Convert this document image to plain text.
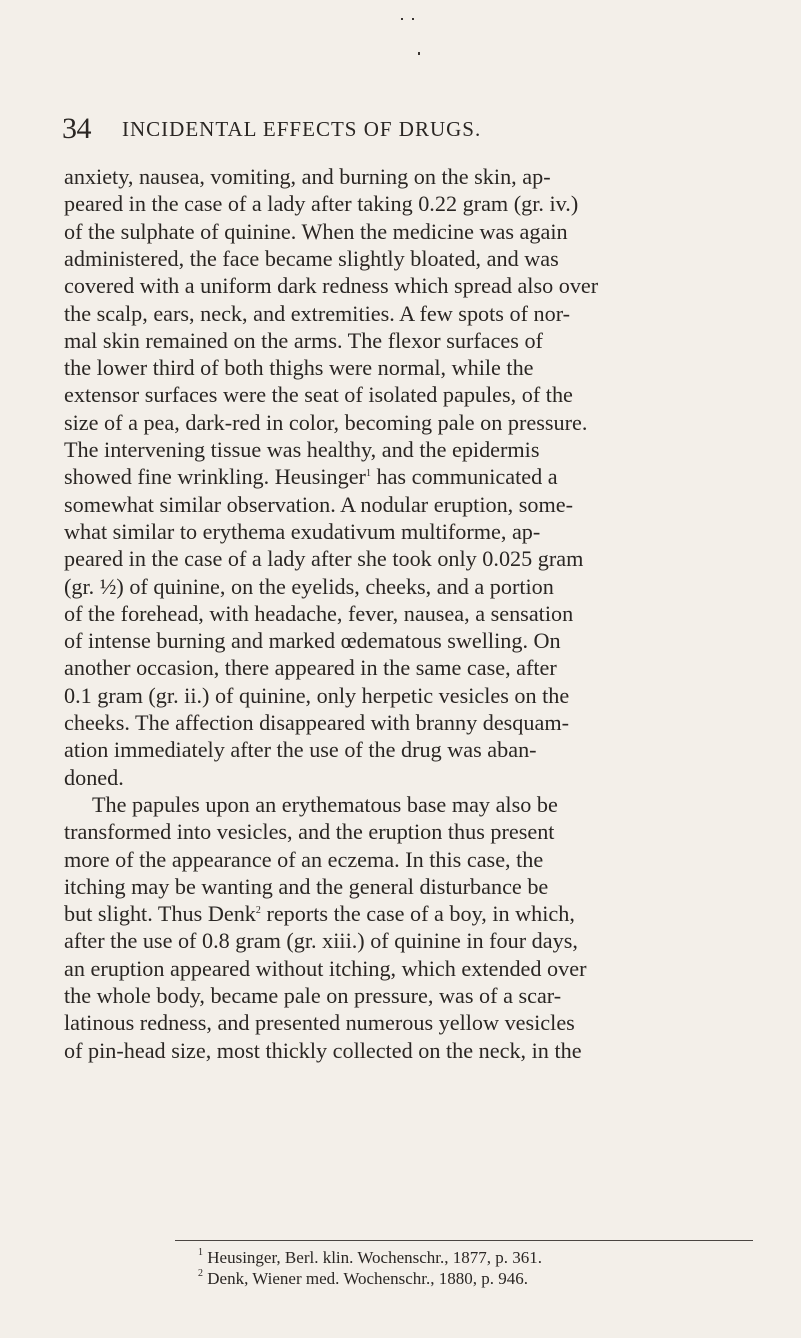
34 INCIDENTAL EFFECTS OF DRUGS.
anxiety, nausea, vomiting, and burning on the skin, ap-
peared in the case of a lady after taking 0.22 gram (gr. iv.)
of the sulphate of quinine. When the medicine was again
administered, the face became slightly bloated, and was
covered with a uniform dark redness which spread also over
the scalp, ears, neck, and extremities. A few spots of nor-
mal skin remained on the arms. The flexor surfaces of
the lower third of both thighs were normal, while the
extensor surfaces were the seat of isolated papules, of the
size of a pea, dark-red in color, becoming pale on pressure.
The intervening tissue was healthy, and the epidermis
showed fine wrinkling. Heusinger$^1$ has communicated a
somewhat similar observation. A nodular eruption, some-
what similar to erythema exudativum multiforme, ap-
peared in the case of a lady after she took only 0.025 gram
(gr. ½) of quinine, on the eyelids, cheeks, and a portion
of the forehead, with headache, fever, nausea, a sensation
of intense burning and marked œdematous swelling. On
another occasion, there appeared in the same case, after
0.1 gram (gr. ii.) of quinine, only herpetic vesicles on the
cheeks. The affection disappeared with branny desquam-
ation immediately after the use of the drug was aban-
doned.
The papules upon an erythematous base may also be
transformed into vesicles, and the eruption thus present
more of the appearance of an eczema. In this case, the
itching may be wanting and the general disturbance be
but slight. Thus Denk$^2$ reports the case of a boy, in which,
after the use of 0.8 gram (gr. xiii.) of quinine in four days,
an eruption appeared without itching, which extended over
the whole body, became pale on pressure, was of a scar-
latinous redness, and presented numerous yellow vesicles
of pin-head size, most thickly collected on the neck, in the
$^1$ Heusinger, Berl. klin. Wochenschr., 1877, p. 361.
$^2$ Denk, Wiener med. Wochenschr., 1880, p. 946.
